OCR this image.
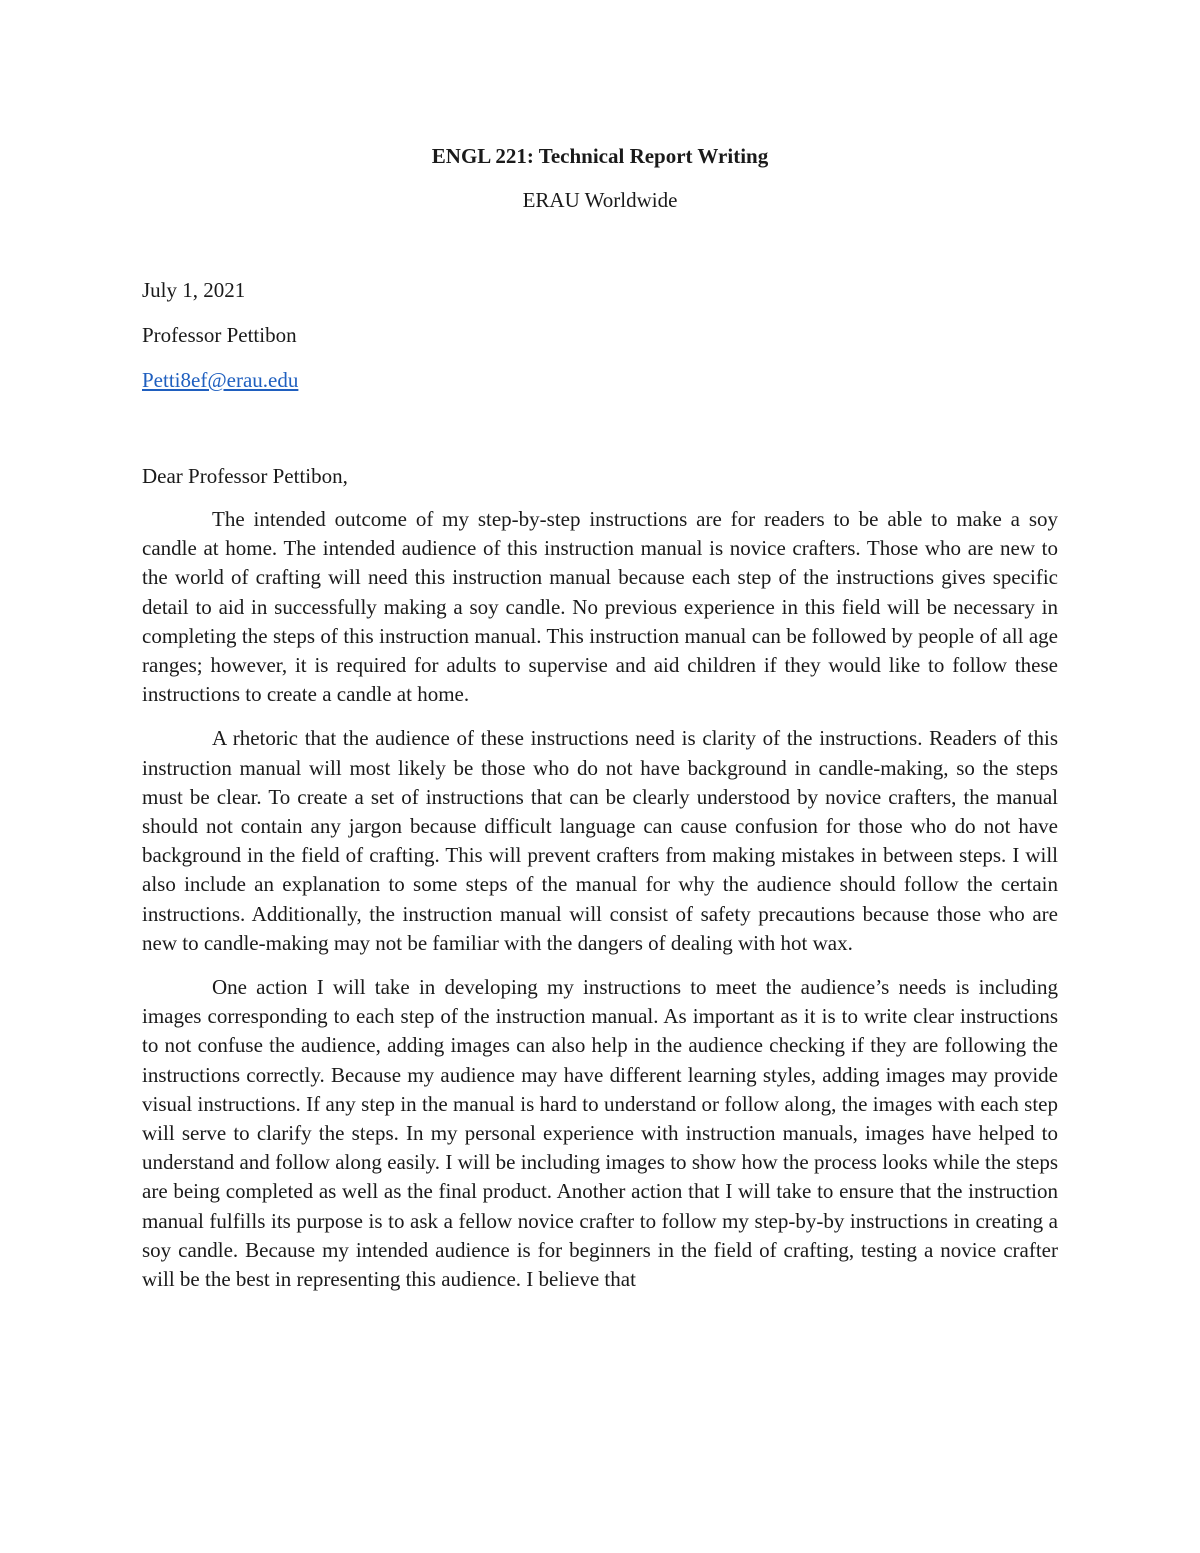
ENGL 221: Technical Report Writing

ERAU Worldwide

July 1, 2021

Professor Pettibon

Petti8ef@erau.edu

Dear Professor Pettibon,

The intended outcome of my step-by-step instructions are for readers to be able to make a soy candle at home. The intended audience of this instruction manual is novice crafters. Those who are new to the world of crafting will need this instruction manual because each step of the instructions gives specific detail to aid in successfully making a soy candle. No previous experience in this field will be necessary in completing the steps of this instruction manual. This instruction manual can be followed by people of all age ranges; however, it is required for adults to supervise and aid children if they would like to follow these instructions to create a candle at home.

A rhetoric that the audience of these instructions need is clarity of the instructions. Readers of this instruction manual will most likely be those who do not have background in candle-making, so the steps must be clear. To create a set of instructions that can be clearly understood by novice crafters, the manual should not contain any jargon because difficult language can cause confusion for those who do not have background in the field of crafting. This will prevent crafters from making mistakes in between steps. I will also include an explanation to some steps of the manual for why the audience should follow the certain instructions. Additionally, the instruction manual will consist of safety precautions because those who are new to candle-making may not be familiar with the dangers of dealing with hot wax.

One action I will take in developing my instructions to meet the audience’s needs is including images corresponding to each step of the instruction manual. As important as it is to write clear instructions to not confuse the audience, adding images can also help in the audience checking if they are following the instructions correctly. Because my audience may have different learning styles, adding images may provide visual instructions. If any step in the manual is hard to understand or follow along, the images with each step will serve to clarify the steps. In my personal experience with instruction manuals, images have helped to understand and follow along easily. I will be including images to show how the process looks while the steps are being completed as well as the final product. Another action that I will take to ensure that the instruction manual fulfills its purpose is to ask a fellow novice crafter to follow my step-by-by instructions in creating a soy candle. Because my intended audience is for beginners in the field of crafting, testing a novice crafter will be the best in representing this audience. I believe that
